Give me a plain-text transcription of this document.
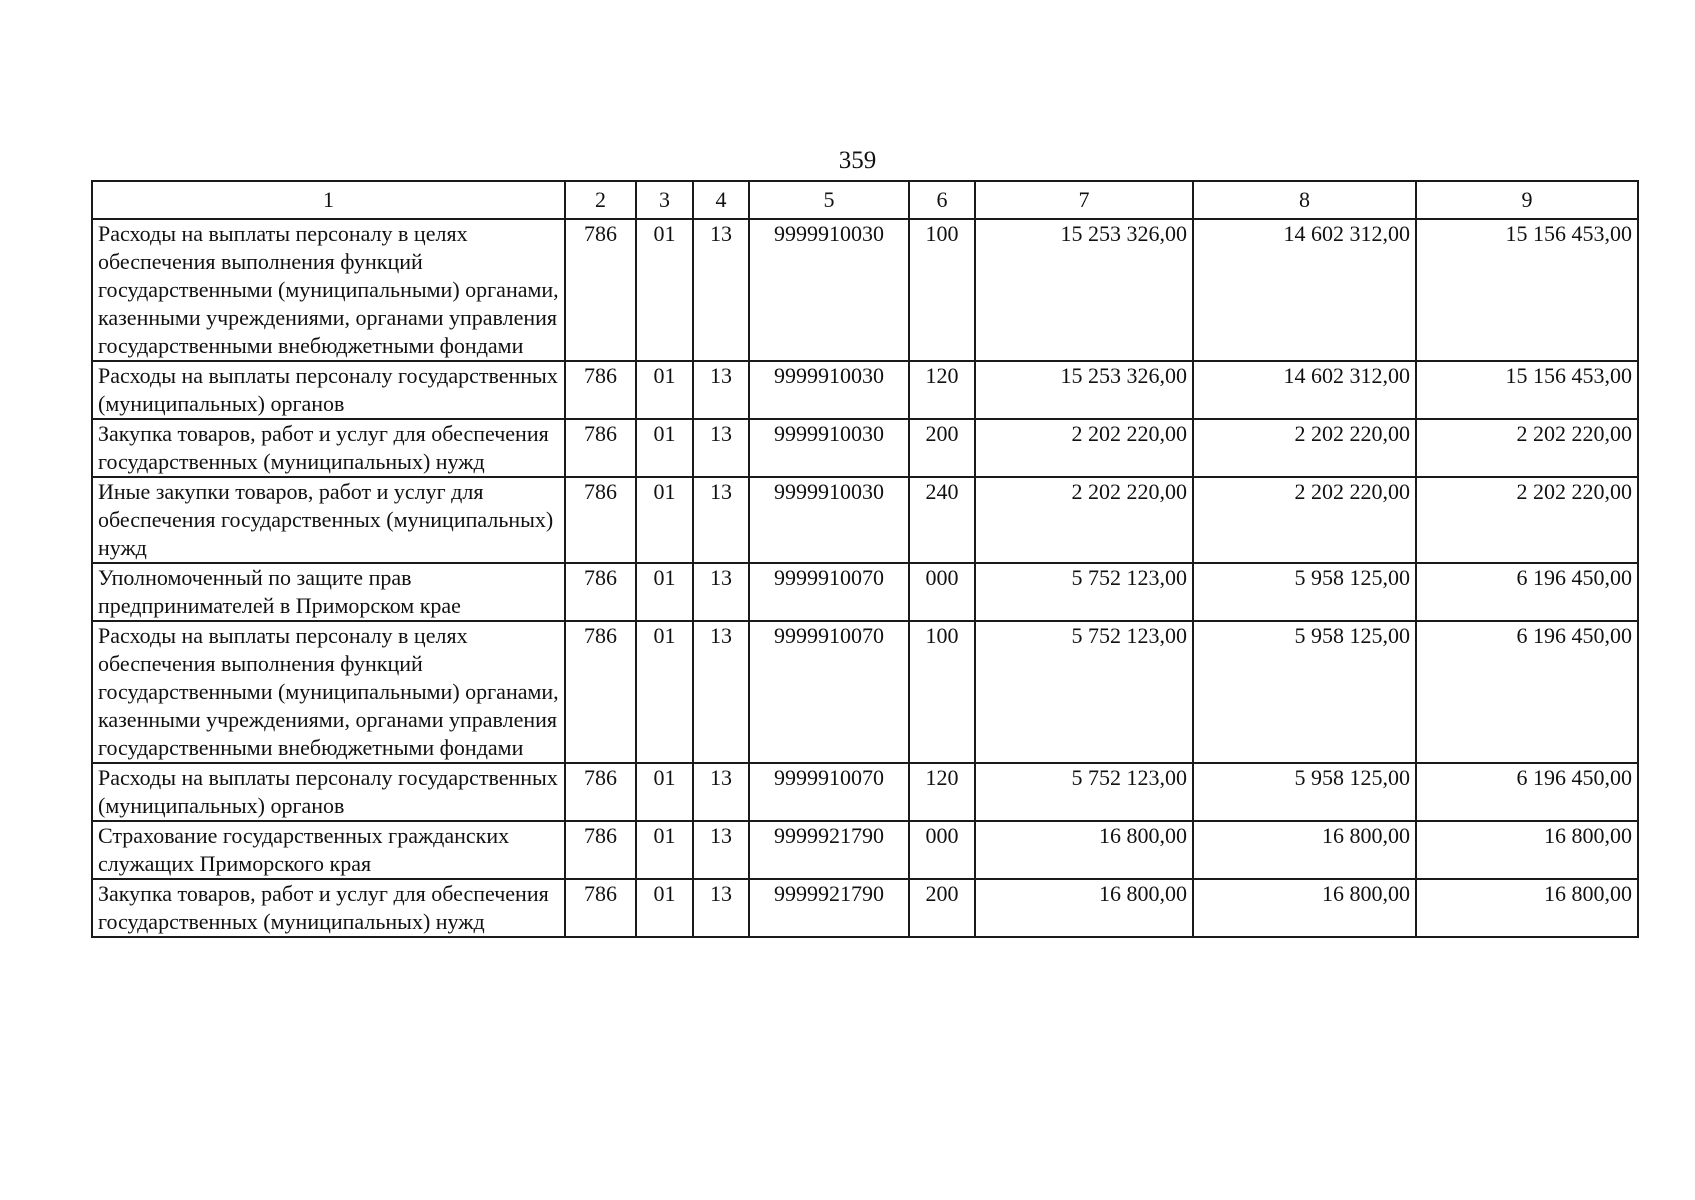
359
1	2	3	4	5	6	7	8	9
Расходы на выплаты персоналу в целях обеспечения выполнения функций государственными (муниципальными) органами, казенными учреждениями, органами управления государственными внебюджетными фондами	786	01	13	9999910030	100	15 253 326,00	14 602 312,00	15 156 453,00
Расходы на выплаты персоналу государственных (муниципальных) органов	786	01	13	9999910030	120	15 253 326,00	14 602 312,00	15 156 453,00
Закупка товаров, работ и услуг для обеспечения государственных (муниципальных) нужд	786	01	13	9999910030	200	2 202 220,00	2 202 220,00	2 202 220,00
Иные закупки товаров, работ и услуг для обеспечения государственных (муниципальных) нужд	786	01	13	9999910030	240	2 202 220,00	2 202 220,00	2 202 220,00
Уполномоченный по защите прав предпринимателей в Приморском крае	786	01	13	9999910070	000	5 752 123,00	5 958 125,00	6 196 450,00
Расходы на выплаты персоналу в целях обеспечения выполнения функций государственными (муниципальными) органами, казенными учреждениями, органами управления государственными внебюджетными фондами	786	01	13	9999910070	100	5 752 123,00	5 958 125,00	6 196 450,00
Расходы на выплаты персоналу государственных (муниципальных) органов	786	01	13	9999910070	120	5 752 123,00	5 958 125,00	6 196 450,00
Страхование государственных гражданских служащих Приморского края	786	01	13	9999921790	000	16 800,00	16 800,00	16 800,00
Закупка товаров, работ и услуг для обеспечения государственных (муниципальных) нужд	786	01	13	9999921790	200	16 800,00	16 800,00	16 800,00
